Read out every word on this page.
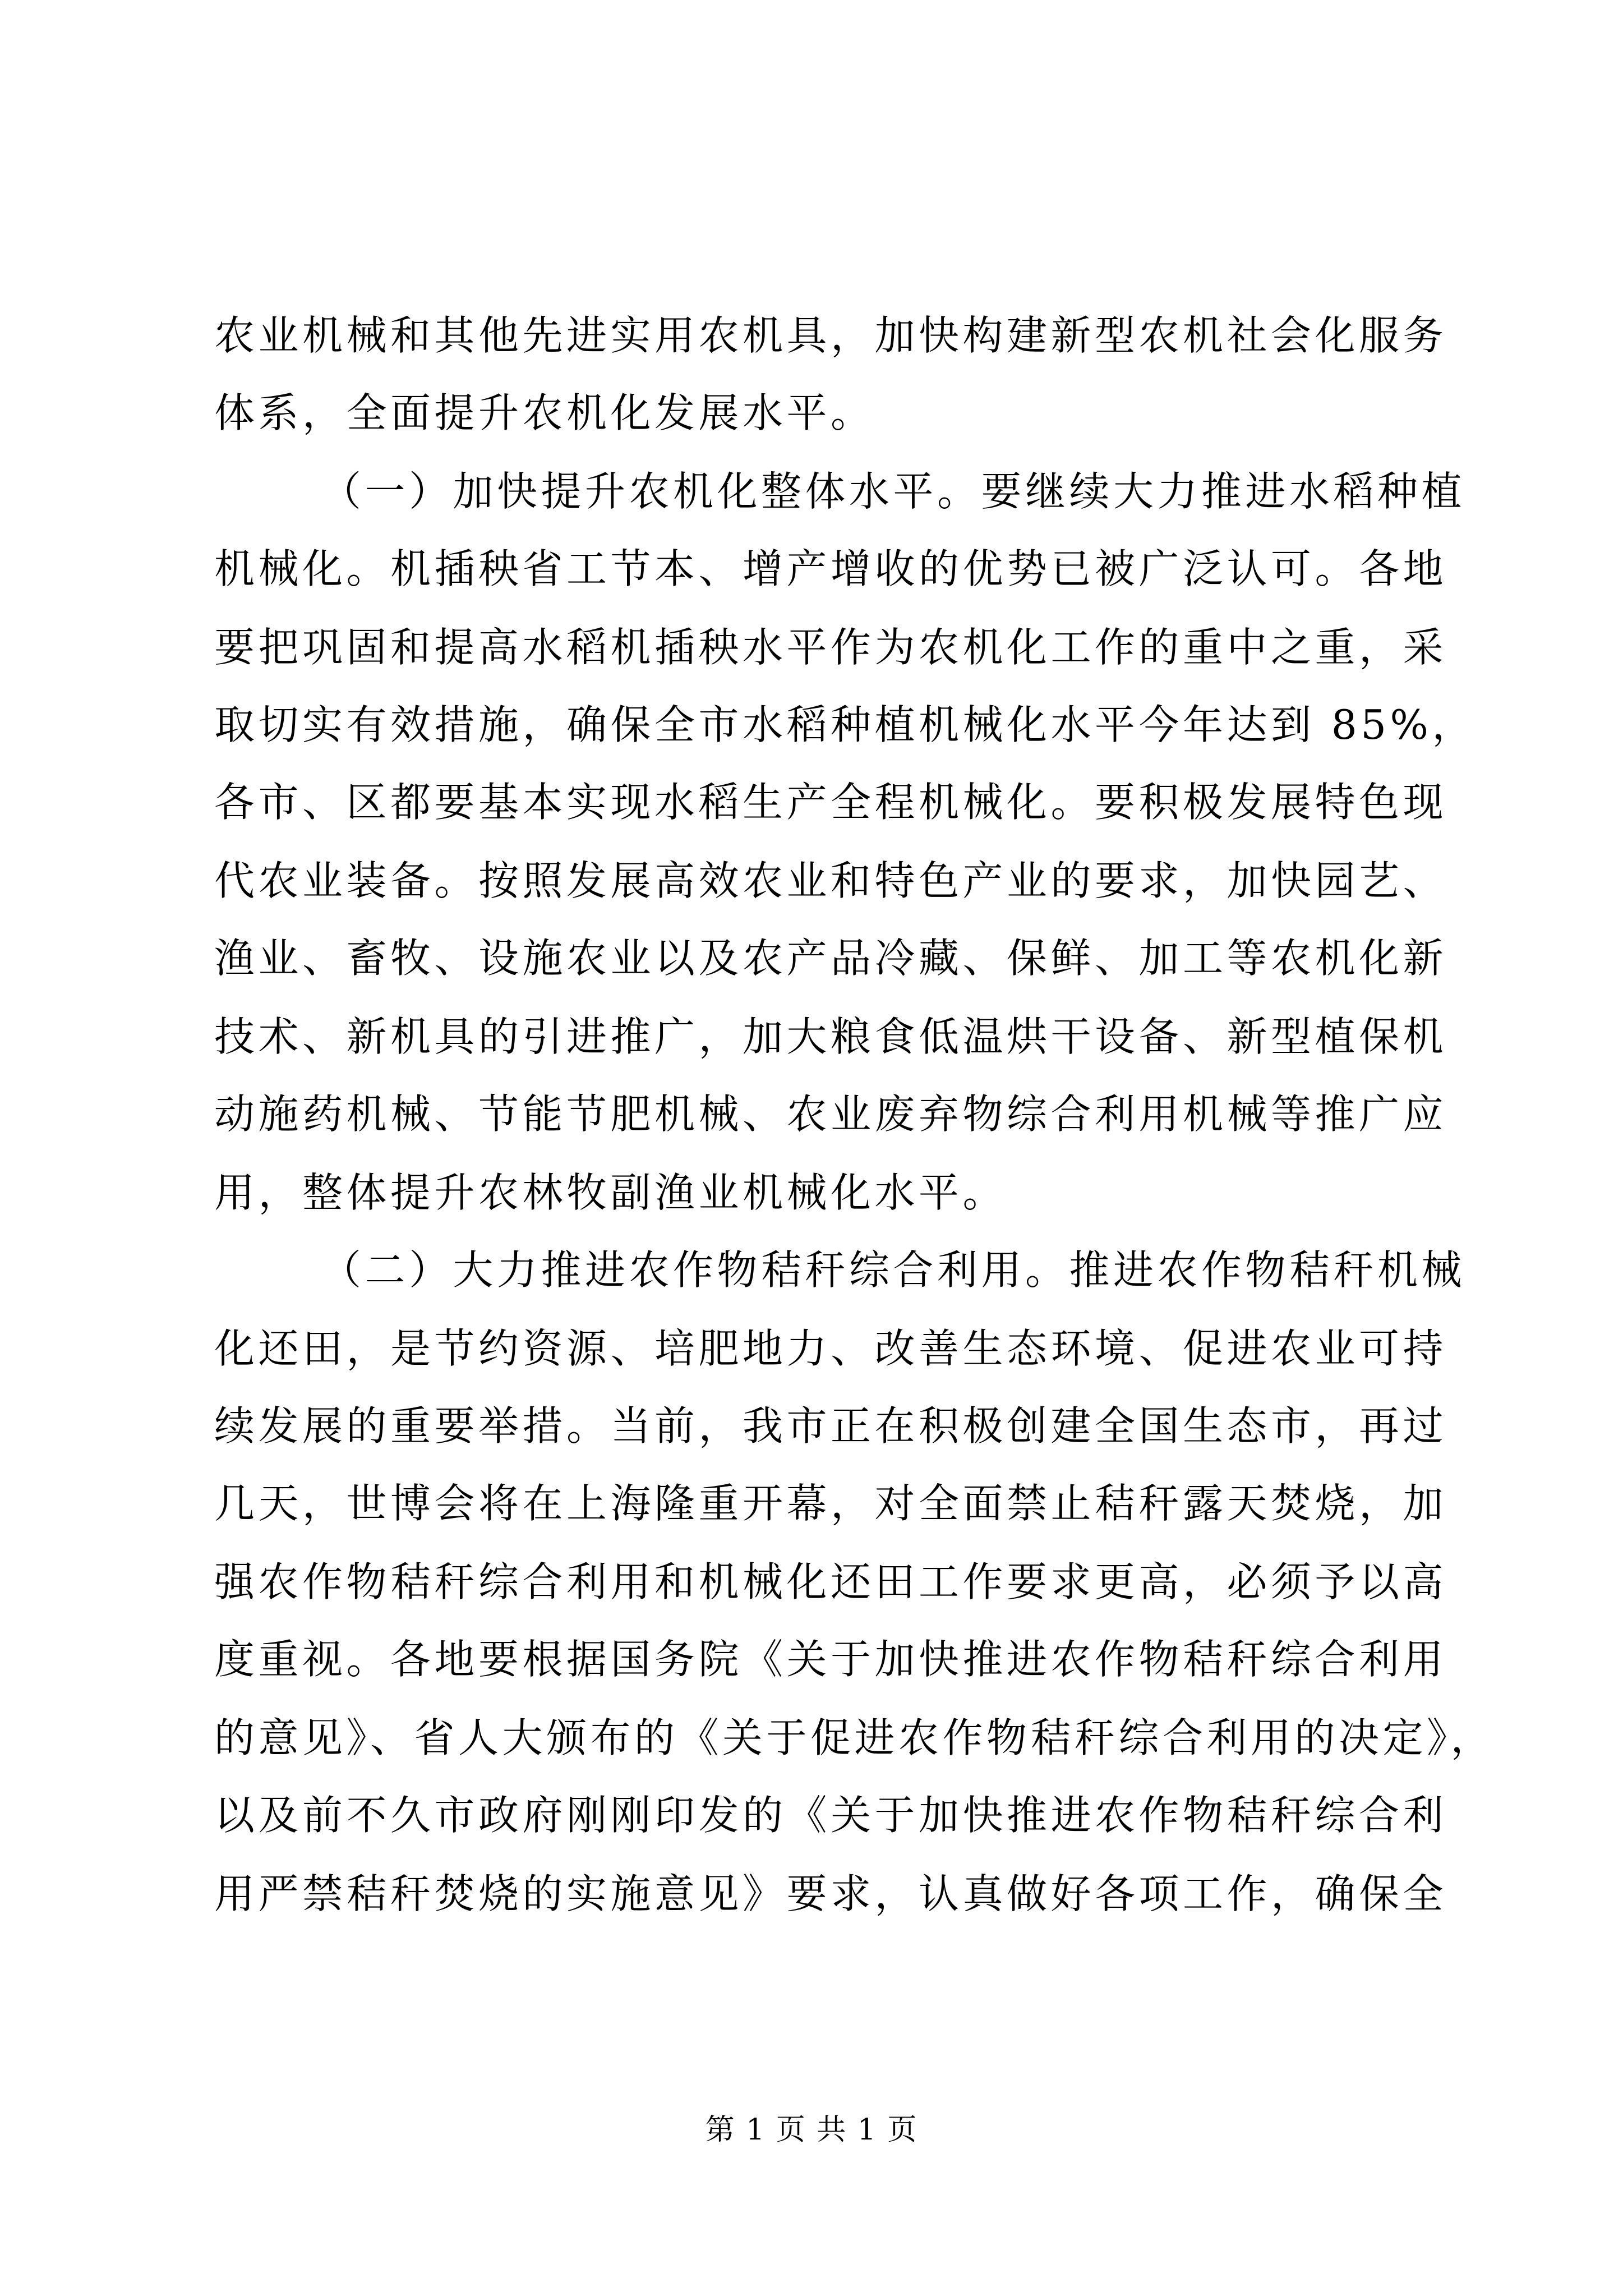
农业机械和其他先进实用农机具，加快构建新型农机社会化服务
体系，全面提升农机化发展水平。
（一）加快提升农机化整体水平。要继续大力推进水稻种植
机械化。机插秧省工节本、增产增收的优势已被广泛认可。各地
要把巩固和提高水稻机插秧水平作为农机化工作的重中之重，采
取切实有效措施，确保全市水稻种植机械化水平今年达到 85%，
各市、区都要基本实现水稻生产全程机械化。要积极发展特色现
代农业装备。按照发展高效农业和特色产业的要求，加快园艺、
渔业、畜牧、设施农业以及农产品冷藏、保鲜、加工等农机化新
技术、新机具的引进推广，加大粮食低温烘干设备、新型植保机
动施药机械、节能节肥机械、农业废弃物综合利用机械等推广应
用，整体提升农林牧副渔业机械化水平。
（二）大力推进农作物秸秆综合利用。推进农作物秸秆机械
化还田，是节约资源、培肥地力、改善生态环境、促进农业可持
续发展的重要举措。当前，我市正在积极创建全国生态市，再过
几天，世博会将在上海隆重开幕，对全面禁止秸秆露天焚烧，加
强农作物秸秆综合利用和机械化还田工作要求更高，必须予以高
度重视。各地要根据国务院《关于加快推进农作物秸秆综合利用
的意见》、省人大颁布的《关于促进农作物秸秆综合利用的决定》，
以及前不久市政府刚刚印发的《关于加快推进农作物秸秆综合利
用严禁秸秆焚烧的实施意见》要求，认真做好各项工作，确保全
第 1 页 共 1 页
